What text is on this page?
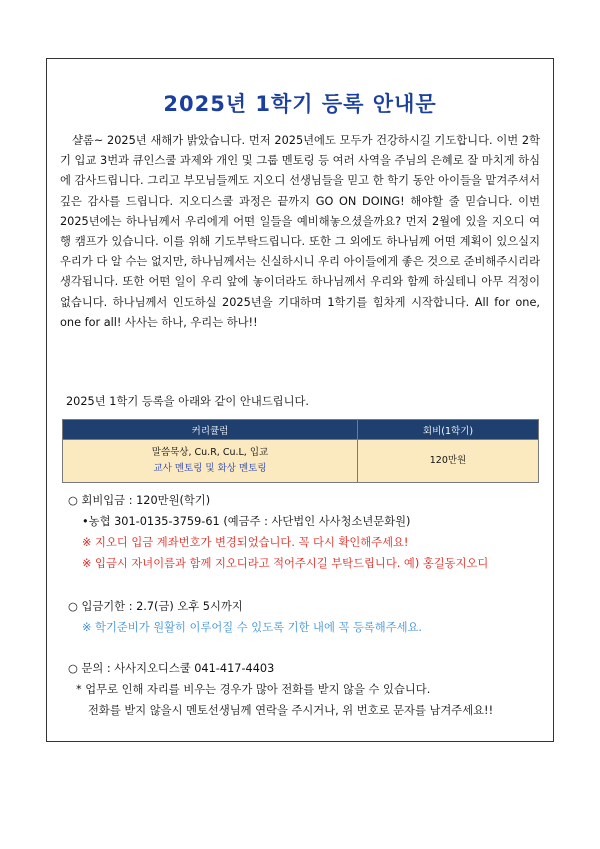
2025년 1학기 등록 안내문

샬롬~ 2025년 새해가 밝았습니다. 먼저 2025년에도 모두가 건강하시길 기도합니다. 이번 2학기 입교 3번과 큐인스쿨 과제와 개인 및 그룹 멘토링 등 여러 사역을 주님의 은혜로 잘 마치게 하심에 감사드립니다. 그리고 부모님들께도 지오디 선생님들을 믿고 한 학기 동안 아이들을 맡겨주셔서 깊은 감사를 드립니다. 지오디스쿨 과정은 끝까지 GO ON DOING! 해야할 줄 믿습니다. 이번 2025년에는 하나님께서 우리에게 어떤 일들을 예비해놓으셨을까요? 먼저 2월에 있을 지오디 여행 캠프가 있습니다. 이를 위해 기도부탁드립니다. 또한 그 외에도 하나님께 어떤 계획이 있으실지 우리가 다 알 수는 없지만, 하나님께서는 신실하시니 우리 아이들에게 좋은 것으로 준비해주시리라 생각됩니다. 또한 어떤 일이 우리 앞에 놓이더라도 하나님께서 우리와 함께 하실테니 아무 걱정이 없습니다. 하나님께서 인도하실 2025년을 기대하며 1학기를 힘차게 시작합니다. All for one, one for all! 사사는 하나, 우리는 하나!!

2025년 1학기 등록을 아래와 같이 안내드립니다.
커리큘럼	회비(1학기)

말씀묵상, Cu.R, Cu.L, 입교
교사 멘토링 및 화상 멘토링	120만원
○ 회비입금 : 120만원(학기)
•농협 301-0135-3759-61 (예금주 : 사단법인 사사청소년문화원)
※ 지오디 입금 계좌번호가 변경되었습니다. 꼭 다시 확인해주세요!
※ 입금시 자녀이름과 함께 지오디라고 적어주시길 부탁드립니다. 예) 홍길동지오디
○ 입금기한 : 2.7(금) 오후 5시까지
※ 학기준비가 원활히 이루어질 수 있도록 기한 내에 꼭 등록해주세요.
○ 문의 : 사사지오디스쿨 041-417-4403
* 업무로 인해 자리를 비우는 경우가 많아 전화를 받지 않을 수 있습니다.
전화를 받지 않을시 멘토선생님께 연락을 주시거나, 위 번호로 문자를 남겨주세요!!
